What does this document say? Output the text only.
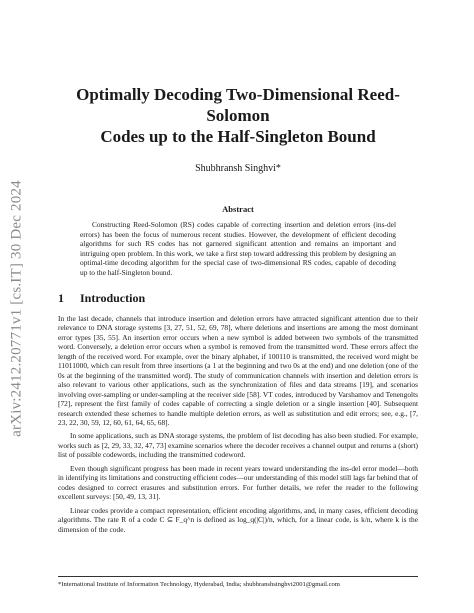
arXiv:2412.20771v1 [cs.IT] 30 Dec 2024
Optimally Decoding Two-Dimensional Reed- Solomon
Codes up to the Half-Singleton Bound
Shubhransh Singhvi*
Abstract
Constructing Reed-Solomon (RS) codes capable of correcting insertion and deletion errors (ins-del errors) has been the focus of numerous recent studies. However, the development of efficient decoding algorithms for such RS codes has not garnered significant attention and remains an important and intriguing open problem. In this work, we take a first step toward addressing this problem by designing an optimal-time decoding algorithm for the special case of two-dimensional RS codes, capable of decoding up to the half-Singleton bound.
1 Introduction

In the last decade, channels that introduce insertion and deletion errors have attracted significant attention due to their relevance to DNA storage systems [3, 27, 51, 52, 69, 78], where deletions and insertions are among the most dominant error types [35, 55]. An insertion error occurs when a new symbol is added between two symbols of the transmitted word. Conversely, a deletion error occurs when a symbol is removed from the transmitted word. These errors affect the length of the received word. For example, over the binary alphabet, if 100110 is transmitted, the received word might be 11011000, which can result from three insertions (a 1 at the beginning and two 0s at the end) and one deletion (one of the 0s at the beginning of the transmitted word). The study of communication channels with insertion and deletion errors is also relevant to various other applications, such as the synchronization of files and data streams [19], and scenarios involving over-sampling or under-sampling at the receiver side [58]. VT codes, introduced by Varshamov and Tenengolts [72], represent the first family of codes capable of correcting a single deletion or a single insertion [40]. Subsequent research extended these schemes to handle multiple deletion errors, as well as substitution and edit errors; see, e.g., [7, 23, 22, 30, 59, 12, 60, 61, 64, 65, 68].

In some applications, such as DNA storage systems, the problem of list decoding has also been studied. For example, works such as [2, 29, 33, 32, 47, 73] examine scenarios where the decoder receives a channel output and returns a (short) list of possible codewords, including the transmitted codeword.

Even though significant progress has been made in recent years toward understanding the ins-del error model—both in identifying its limitations and constructing efficient codes—our understanding of this model still lags far behind that of codes designed to correct erasures and substitution errors. For further details, we refer the reader to the following excellent surveys: [50, 49, 13, 31].

Linear codes provide a compact representation, efficient encoding algorithms, and, in many cases, efficient decoding algorithms. The rate R of a code C ⊆ F_q^n is defined as log_q(|C|)/n, which, for a linear code, is k/n, where k is the dimension of the code.

*International Institute of Information Technology, Hyderabad, India; shubhranshsinghvi2001@gmail.com
